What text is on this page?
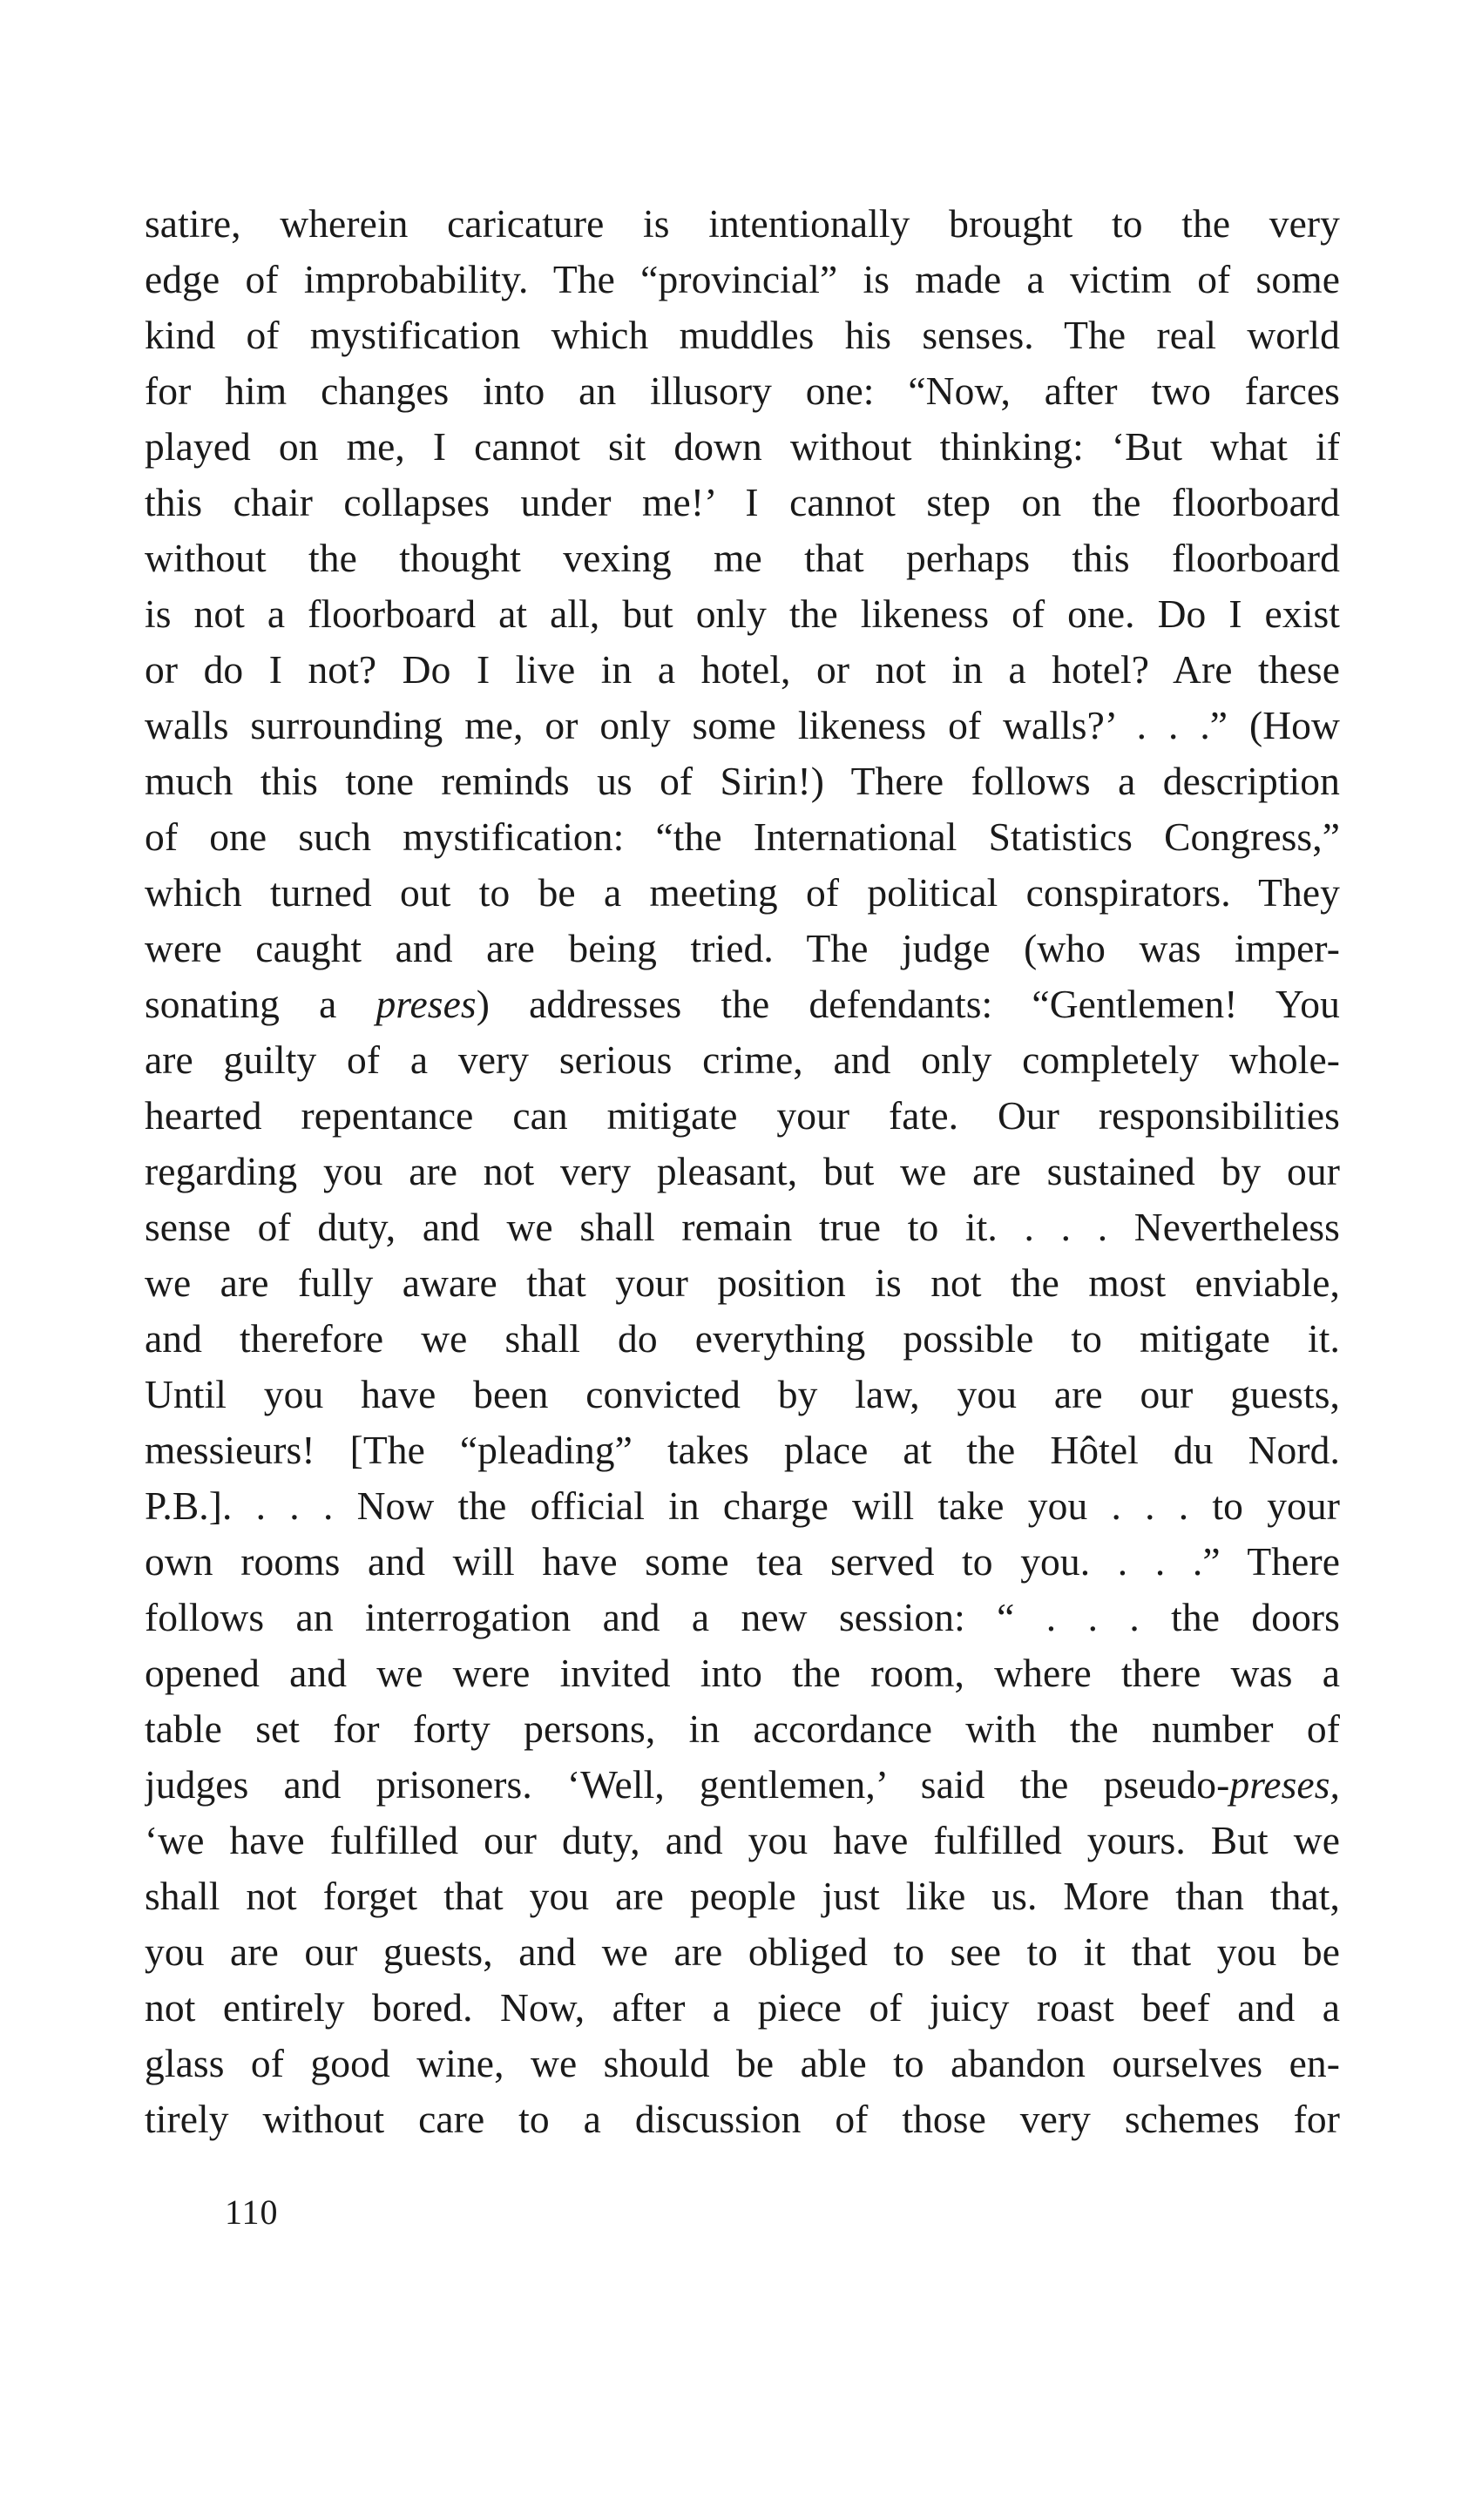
satire, wherein caricature is intentionally brought to the very
edge of improbability. The “provincial” is made a victim of some
kind of mystification which muddles his senses. The real world
for him changes into an illusory one: “Now, after two farces
played on me, I cannot sit down without thinking: ‘But what if
this chair collapses under me!’ I cannot step on the floorboard
without the thought vexing me that perhaps this floorboard
is not a floorboard at all, but only the likeness of one. Do I exist
or do I not? Do I live in a hotel, or not in a hotel? Are these
walls surrounding me, or only some likeness of walls?’ . . .” (How
much this tone reminds us of Sirin!) There follows a description
of one such mystification: “the International Statistics Congress,”
which turned out to be a meeting of political conspirators. They
were caught and are being tried. The judge (who was imper-
sonating a preses) addresses the defendants: “Gentlemen! You
are guilty of a very serious crime, and only completely whole-
hearted repentance can mitigate your fate. Our responsibilities
regarding you are not very pleasant, but we are sustained by our
sense of duty, and we shall remain true to it. . . . Nevertheless
we are fully aware that your position is not the most enviable,
and therefore we shall do everything possible to mitigate it.
Until you have been convicted by law, you are our guests,
messieurs! [The “pleading” takes place at the Hôtel du Nord.
P.B.]. . . . Now the official in charge will take you . . . to your
own rooms and will have some tea served to you. . . .” There
follows an interrogation and a new session: “ . . . the doors
opened and we were invited into the room, where there was a
table set for forty persons, in accordance with the number of
judges and prisoners. ‘Well, gentlemen,’ said the pseudo-preses,
‘we have fulfilled our duty, and you have fulfilled yours. But we
shall not forget that you are people just like us. More than that,
you are our guests, and we are obliged to see to it that you be
not entirely bored. Now, after a piece of juicy roast beef and a
glass of good wine, we should be able to abandon ourselves en-
tirely without care to a discussion of those very schemes for
110
